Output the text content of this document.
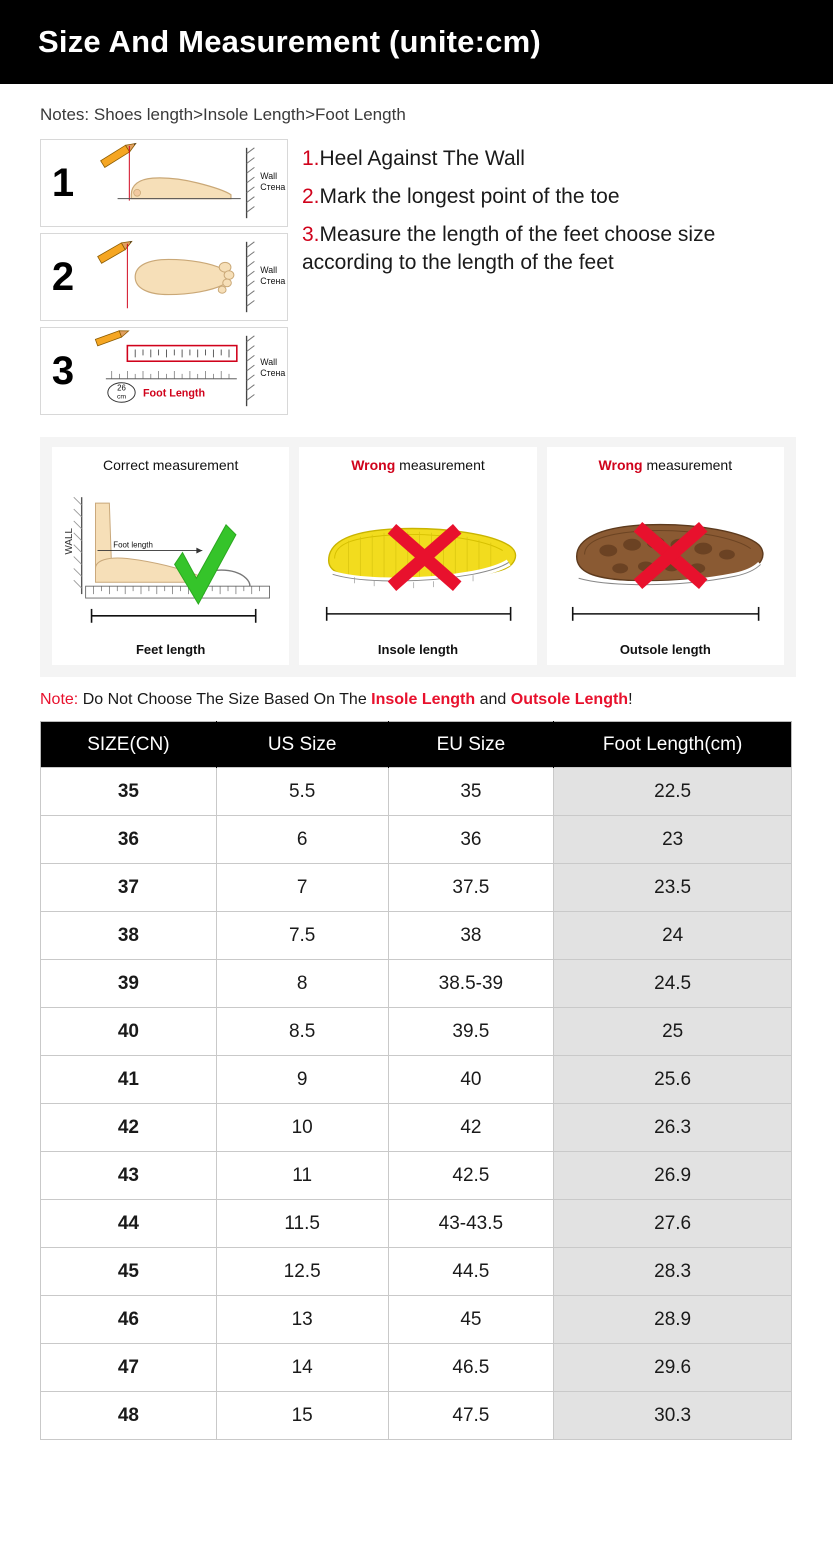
Size And Measurement (unite:cm)
Notes: Shoes length>Insole Length>Foot Length
1	Wall
Cтeнa
2	Wall
Cтeнa
3	26
cm Foot Length
Wall
Cтeнa
1.Heel Against The Wall
2.Mark the longest point of the toe
3.Measure the length of the feet choose size according to the length of the feet
Correct measurement
WALL	Foot length
Feet length
Wrong measurement
Insole length
Wrong measurement
Outsole length
Note: Do Not Choose The Size Based On The Insole Length and Outsole Length!
SIZE(CN)	US Size	EU Size	Foot Length(cm)
35	5.5	35	22.5
36	6	36	23
37	7	37.5	23.5
38	7.5	38	24
39	8	38.5-39	24.5
40	8.5	39.5	25
41	9	40	25.6
42	10	42	26.3
43	11	42.5	26.9
44	11.5	43-43.5	27.6
45	12.5	44.5	28.3
46	13	45	28.9
47	14	46.5	29.6
48	15	47.5	30.3
